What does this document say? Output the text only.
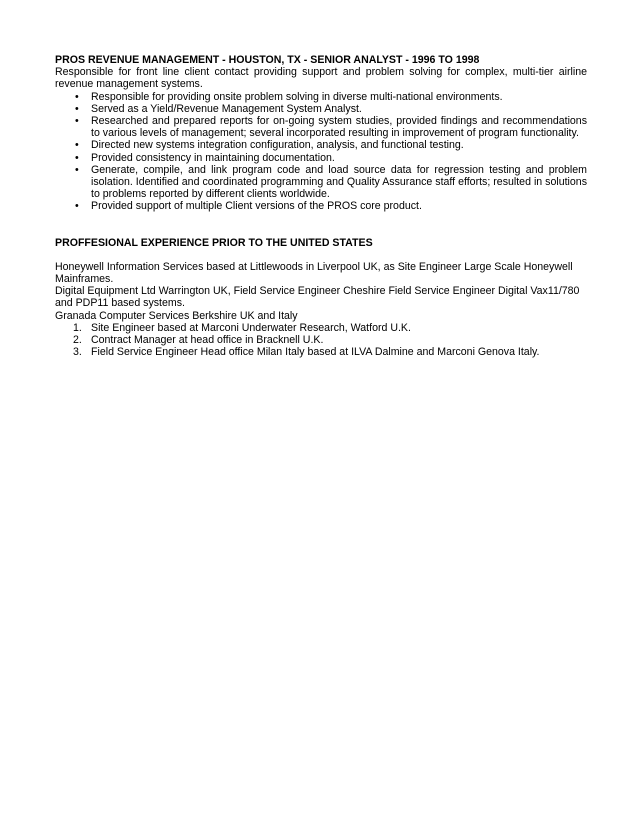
PROS REVENUE MANAGEMENT - HOUSTON, TX - SENIOR ANALYST - 1996 TO 1998

Responsible for front line client contact providing support and problem solving for complex, multi-tier airline revenue management systems.

• Responsible for providing onsite problem solving in diverse multi-national environments.
• Served as a Yield/Revenue Management System Analyst.
• Researched and prepared reports for on-going system studies, provided findings and recommendations to various levels of management; several incorporated resulting in improvement of program functionality.
• Directed new systems integration configuration, analysis, and functional testing.
• Provided consistency in maintaining documentation.
• Generate, compile, and link program code and load source data for regression testing and problem isolation. Identified and coordinated programming and Quality Assurance staff efforts; resulted in solutions to problems reported by different clients worldwide.
• Provided support of multiple Client versions of the PROS core product.

PROFFESIONAL EXPERIENCE PRIOR TO THE UNITED STATES

Honeywell Information Services based at Littlewoods in Liverpool UK, as Site Engineer Large Scale Honeywell Mainframes.

Digital Equipment Ltd Warrington UK, Field Service Engineer Cheshire Field Service Engineer Digital Vax11/780 and PDP11 based systems.

Granada Computer Services Berkshire UK and Italy

1. Site Engineer based at Marconi Underwater Research, Watford U.K.
2. Contract Manager at head office in Bracknell U.K.
3. Field Service Engineer Head office Milan Italy based at ILVA Dalmine and Marconi Genova Italy.
